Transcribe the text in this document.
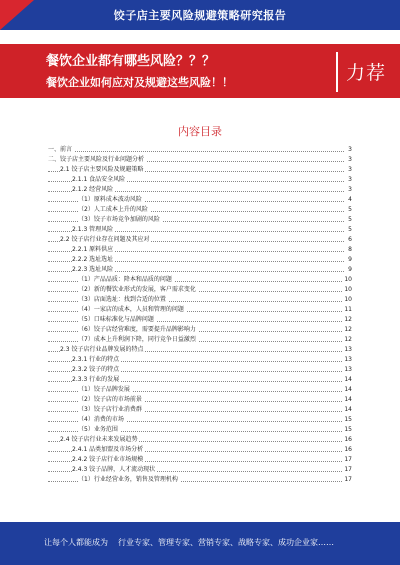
饺子店主要风险规避策略研究报告
餐饮企业都有哪些风险？？？
餐饮企业如何应对及规避这些风险！！	力荐
内容目录
一、前言	3
二、饺子店主要风险及行业问题分析	3
2.1 饺子店主要风险及规避策略	3
2.1.1 食品安全风险	3
2.1.2 经营风险	3
（1）原料成本波动风险	4
（2）人工成本上升的风险	5
（3）饺子市场竞争加剧的风险	5
2.1.3 管理风险	5
2.2 饺子店行业存在问题及其应对	6
2.2.1 原料供应	8
2.2.2 选址选址	9
2.2.3 选址风险	9
（1）产品品质：降本和品质的问题	10
（2）新的餐饮业形式的发展，客户需求变化	10
（3）店面选址：找到合适的位置	10
（4）一家店的成本，人员和管理的问题	11
（5）口味标准化与品牌问题	12
（6）饺子店经营难度，需要提升品牌影响力	12
（7）成本上升利润下降，同行竞争日益激烈	12
2.3 饺子店行业品牌发展的特点	13
2.3.1 行业的特点	13
2.3.2 饺子的特点	13
2.3.3 行业的发展	14
（1）饺子品牌发展	14
（2）饺子店的市场前景	14
（3）饺子店行业消费群	14
（4）消费的市场	15
（5）业务范围	15
2.4 饺子店行业未来发展趋势	16
2.4.1 品类加盟及市场分析	16
2.4.2 饺子店行业市场规模	17
2.4.3 饺子品牌，人才流动现状	17
（1）行业经营业务，销售及管理机构	17
让每个人都能成为 行业专家、管理专家、营销专家、战略专家、成功企业家……
